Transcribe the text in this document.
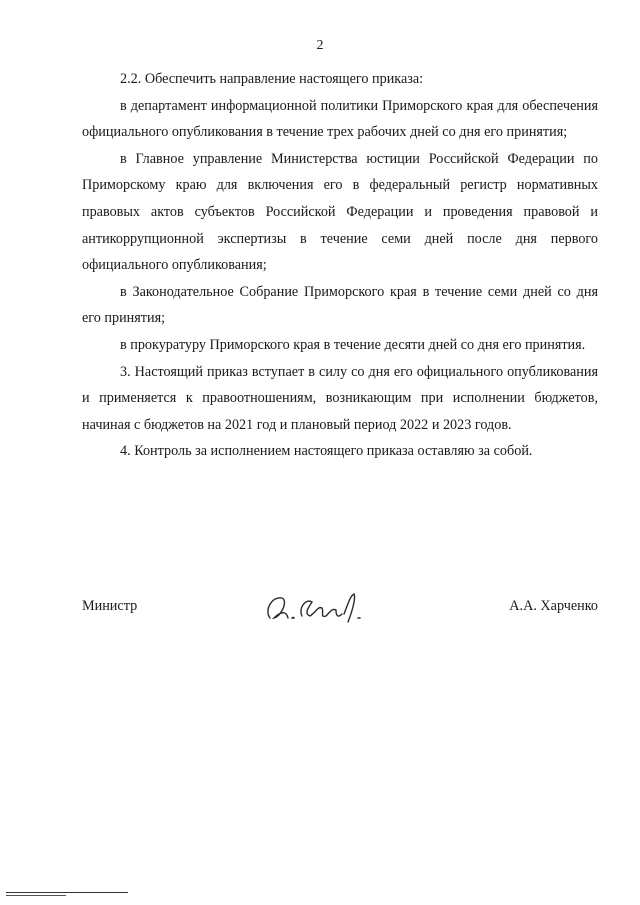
2

2.2. Обеспечить направление настоящего приказа:

в департамент информационной политики Приморского края для обеспечения официального опубликования в течение трех рабочих дней со дня его принятия;

в Главное управление Министерства юстиции Российской Федерации по Приморскому краю для включения его в федеральный регистр нормативных правовых актов субъектов Российской Федерации и проведения правовой и антикоррупционной экспертизы в течение семи дней после дня первого официального опубликования;

в Законодательное Собрание Приморского края в течение семи дней со дня его принятия;

в прокуратуру Приморского края в течение десяти дней со дня его принятия.

3. Настоящий приказ вступает в силу со дня его официального опубликования и применяется к правоотношениям, возникающим при исполнении бюджетов, начиная с бюджетов на 2021 год и плановый период 2022 и 2023 годов.

4. Контроль за исполнением настоящего приказа оставляю за собой.

Министр	А.А. Харченко
